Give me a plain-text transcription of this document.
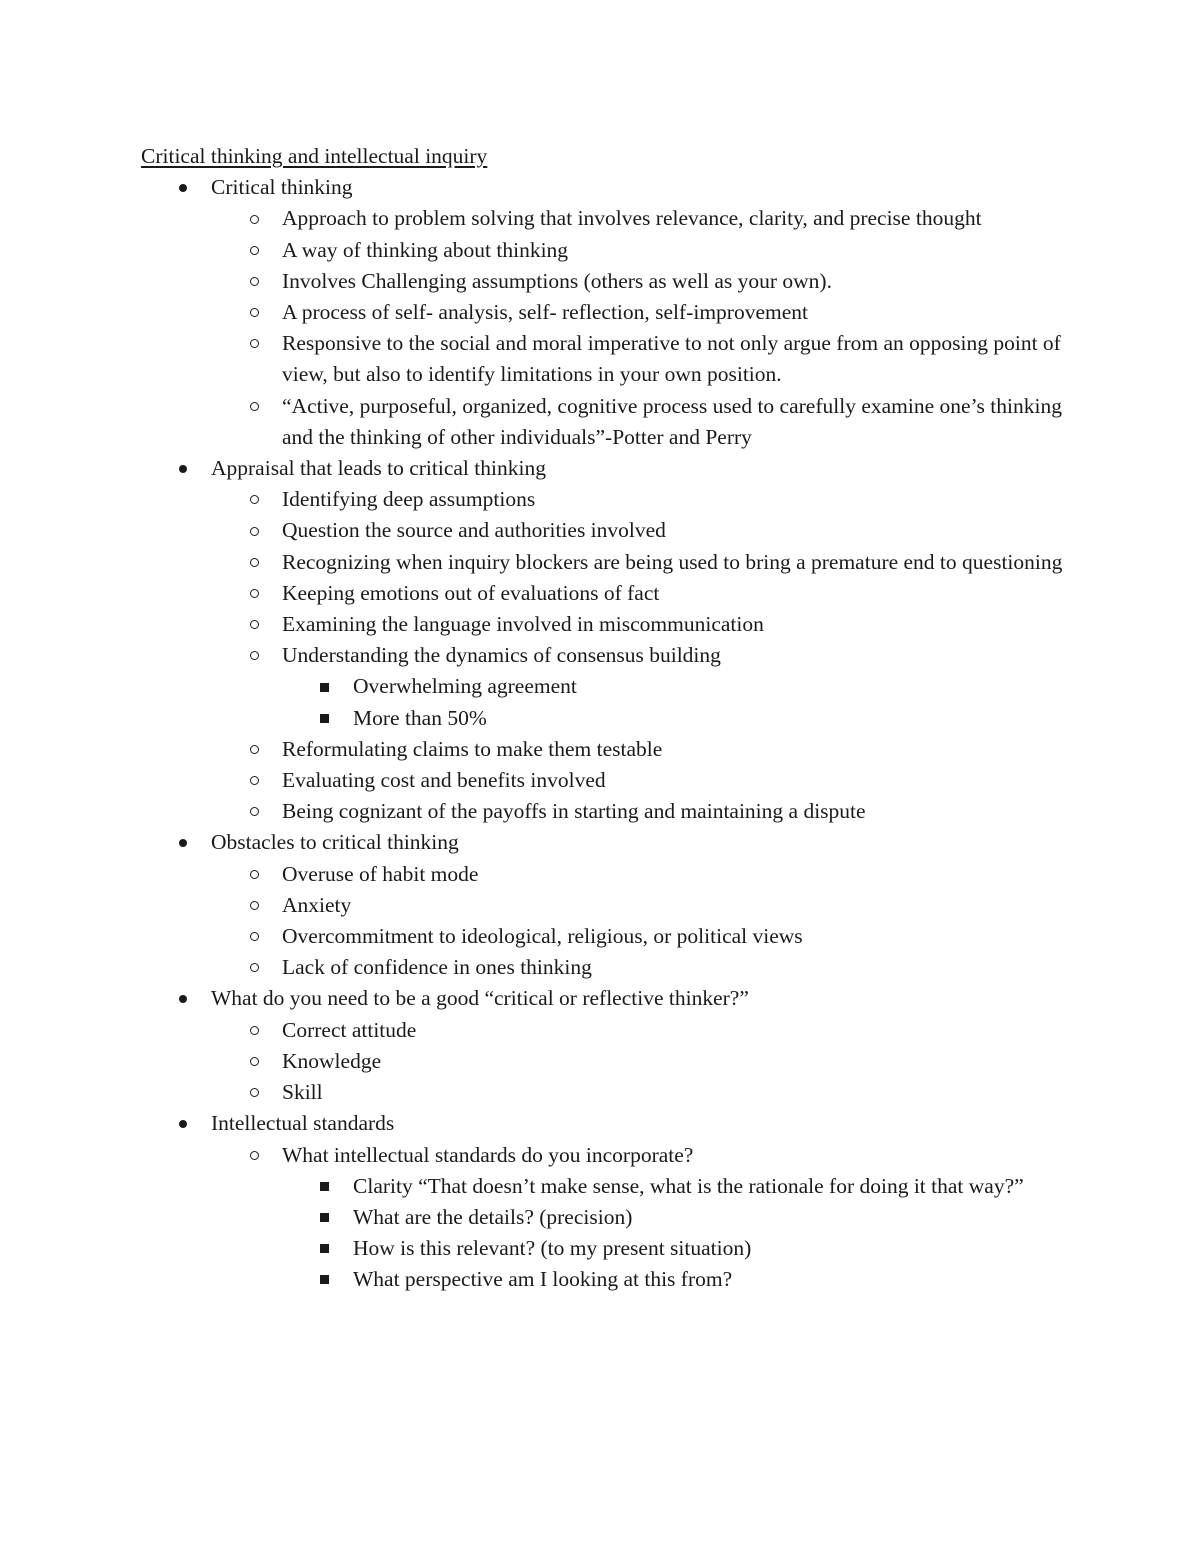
Critical thinking and intellectual inquiry
Critical thinking
Approach to problem solving that involves relevance, clarity, and precise thought
A way of thinking about thinking
Involves Challenging assumptions (others as well as your own).
A process of self- analysis, self- reflection, self-improvement
Responsive to the social and moral imperative to not only argue from an opposing point of view, but also to identify limitations in your own position.
“Active, purposeful, organized, cognitive process used to carefully examine one’s thinking and the thinking of other individuals”-Potter and Perry
Appraisal that leads to critical thinking
Identifying deep assumptions
Question the source and authorities involved
Recognizing when inquiry blockers are being used to bring a premature end to questioning
Keeping emotions out of evaluations of fact
Examining the language involved in miscommunication
Understanding the dynamics of consensus building
Overwhelming agreement
More than 50%
Reformulating claims to make them testable
Evaluating cost and benefits involved
Being cognizant of the payoffs in starting and maintaining a dispute
Obstacles to critical thinking
Overuse of habit mode
Anxiety
Overcommitment to ideological, religious, or political views
Lack of confidence in ones thinking
What do you need to be a good “critical or reflective thinker?”
Correct attitude
Knowledge
Skill
Intellectual standards
What intellectual standards do you incorporate?
Clarity “That doesn’t make sense, what is the rationale for doing it that way?”
What are the details? (precision)
How is this relevant? (to my present situation)
What perspective am I looking at this from?
